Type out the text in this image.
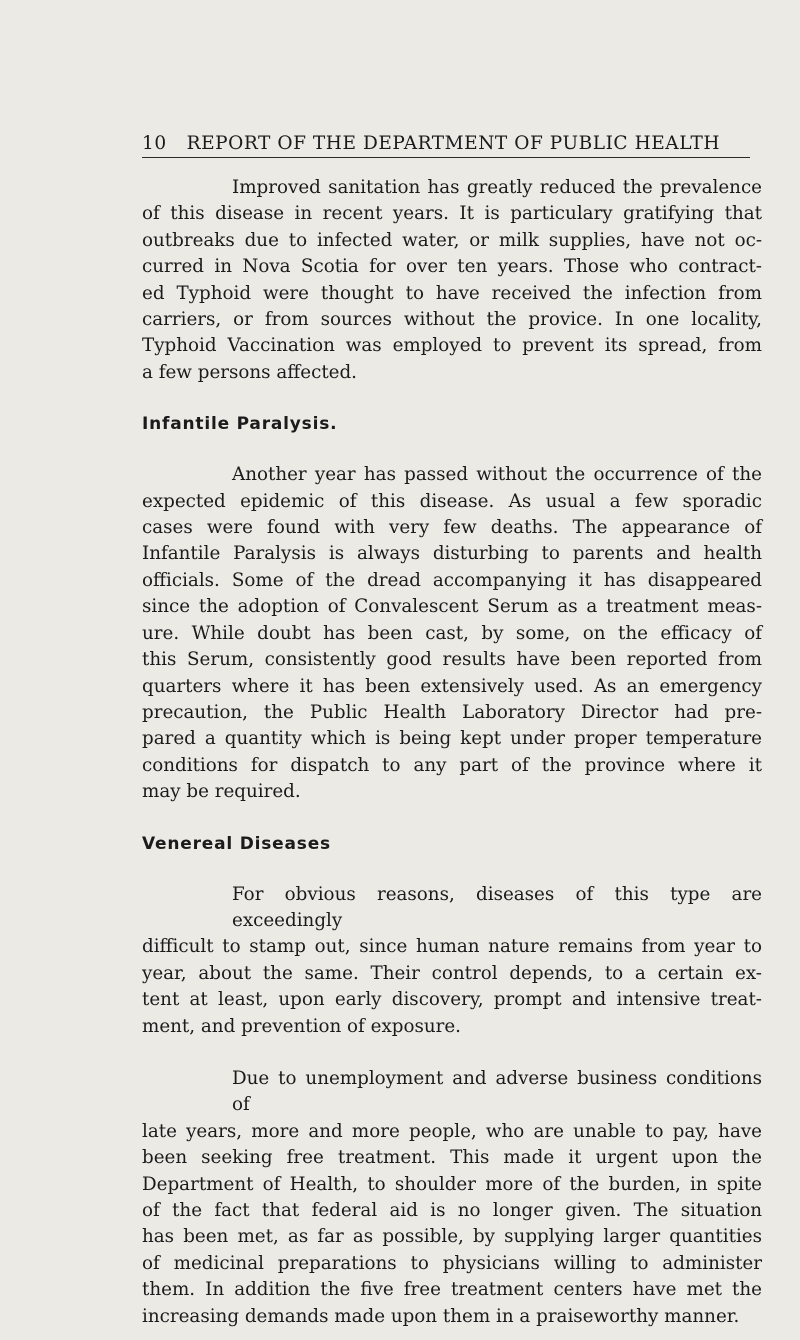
10 REPORT OF THE DEPARTMENT OF PUBLIC HEALTH

Improved sanitation has greatly reduced the prevalence
of this disease in recent years. It is particulary gratifying that
outbreaks due to infected water, or milk supplies, have not oc-
curred in Nova Scotia for over ten years. Those who contract-
ed Typhoid were thought to have received the infection from
carriers, or from sources without the provice. In one locality,
Typhoid Vaccination was employed to prevent its spread, from
a few persons affected.

Infantile Paralysis.

Another year has passed without the occurrence of the
expected epidemic of this disease. As usual a few sporadic
cases were found with very few deaths. The appearance of
Infantile Paralysis is always disturbing to parents and health
officials. Some of the dread accompanying it has disappeared
since the adoption of Convalescent Serum as a treatment meas-
ure. While doubt has been cast, by some, on the efficacy of
this Serum, consistently good results have been reported from
quarters where it has been extensively used. As an emergency
precaution, the Public Health Laboratory Director had pre-
pared a quantity which is being kept under proper temperature
conditions for dispatch to any part of the province where it
may be required.

Venereal Diseases

For obvious reasons, diseases of this type are exceedingly
difficult to stamp out, since human nature remains from year to
year, about the same. Their control depends, to a certain ex-
tent at least, upon early discovery, prompt and intensive treat-
ment, and prevention of exposure.

Due to unemployment and adverse business conditions of
late years, more and more people, who are unable to pay, have
been seeking free treatment. This made it urgent upon the
Department of Health, to shoulder more of the burden, in spite
of the fact that federal aid is no longer given. The situation
has been met, as far as possible, by supplying larger quantities
of medicinal preparations to physicians willing to administer
them. In addition the five free treatment centers have met the
increasing demands made upon them in a praiseworthy manner.
